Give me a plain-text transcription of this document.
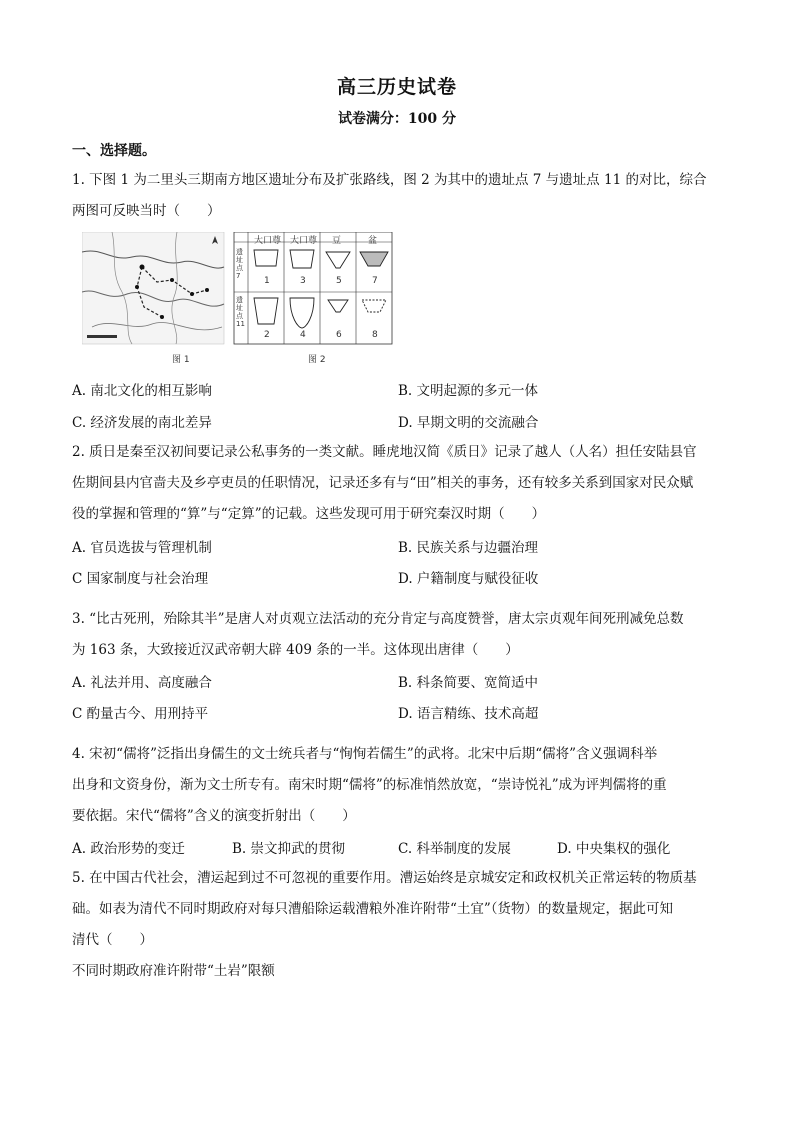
高三历史试卷
试卷满分：100 分
一、选择题。
1. 下图 1 为二里头三期南方地区遗址分布及扩张路线，图 2 为其中的遗址点 7 与遗址点 11 的对比，综合
两图可反映当时（　　）
大口尊 大口尊 豆	盆
遗址点7
遗址点11
1	3	5	7
2	4	6	8
图 1	图 2
A. 南北文化的相互影响	B. 文明起源的多元一体
C. 经济发展的南北差异	D. 早期文明的交流融合
2. 质日是秦至汉初间要记录公私事务的一类文献。睡虎地汉简《质日》记录了越人（人名）担任安陆县官
佐期间县内官啬夫及乡亭吏员的任职情况，记录还多有与“田”相关的事务，还有较多关系到国家对民众赋
役的掌握和管理的“算”与“定算”的记载。这些发现可用于研究秦汉时期（　　）
A. 官员选拔与管理机制	B. 民族关系与边疆治理
C 国家制度与社会治理	D. 户籍制度与赋役征收
3. “比古死刑，殆除其半”是唐人对贞观立法活动的充分肯定与高度赞誉，唐太宗贞观年间死刑减免总数
为 163 条，大致接近汉武帝朝大辟 409 条的一半。这体现出唐律（　　）
A. 礼法并用、高度融合	B. 科条简要、宽简适中
C 酌量古今、用刑持平	D. 语言精练、技术高超
4. 宋初“儒将”泛指出身儒生的文士统兵者与“恂恂若儒生”的武将。北宋中后期“儒将”含义强调科举
出身和文资身份，渐为文士所专有。南宋时期“儒将”的标准悄然放宽，“崇诗悦礼”成为评判儒将的重
要依据。宋代“儒将”含义的演变折射出（　　）
A. 政治形势的变迁	B. 崇文抑武的贯彻	C. 科举制度的发展	D. 中央集权的强化
5. 在中国古代社会，漕运起到过不可忽视的重要作用。漕运始终是京城安定和政权机关正常运转的物质基
础。如表为清代不同时期政府对每只漕船除运载漕粮外准许附带“土宜”（货物）的数量规定，据此可知
清代（　　）
不同时期政府准许附带“土岩”限额
